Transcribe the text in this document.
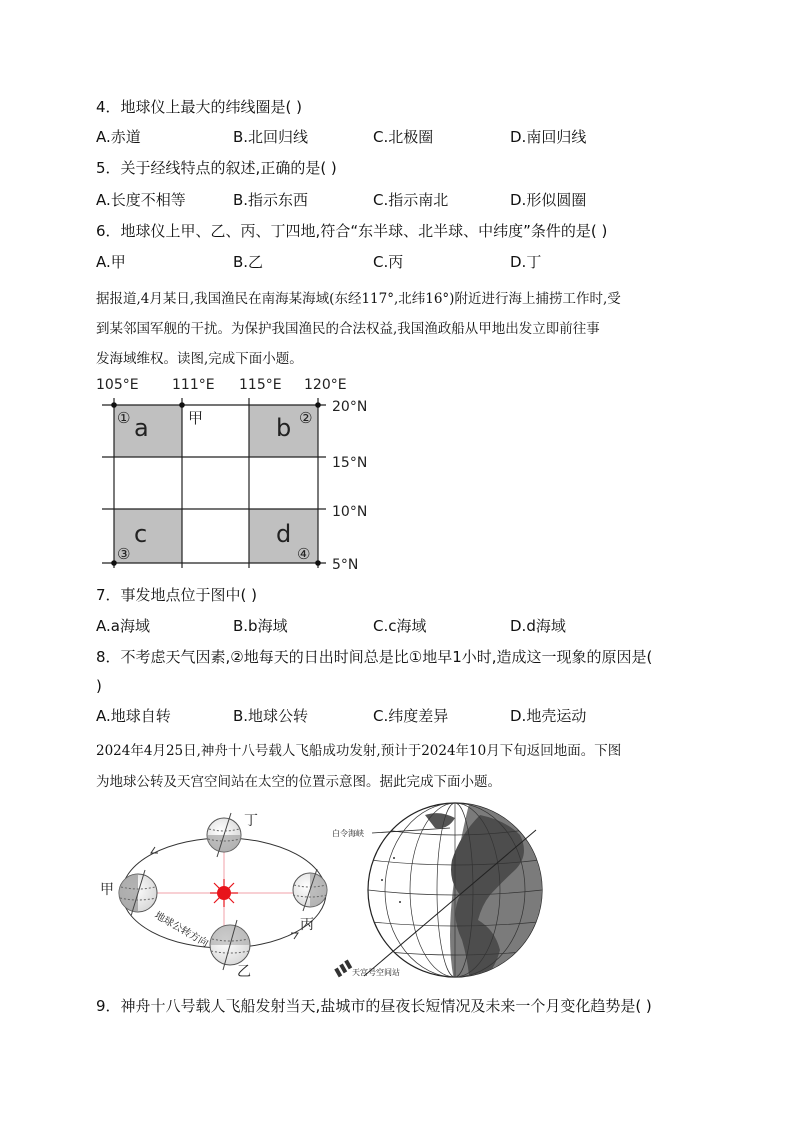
4．地球仪上最大的纬线圈是( )
A.赤道	B.北回归线	C.北极圈	D.南回归线
5．关于经线特点的叙述,正确的是( )
A.长度不相等	B.指示东西	C.指示南北	D.形似圆圈
6．地球仪上甲、乙、丙、丁四地,符合“东半球、北半球、中纬度”条件的是( )
A.甲	B.乙	C.丙	D.丁
据报道,4月某日,我国渔民在南海某海域(东经117°,北纬16°)附近进行海上捕捞工作时,受
到某邻国军舰的干扰。为保护我国渔民的合法权益,我国渔政船从甲地出发立即前往事
发海域维权。读图,完成下面小题。
105°E 111°E 115°E 120°E
20°N
15°N
10°N
5°N
a	b
c	d
①	②
③	④
甲
7．事发地点位于图中( )
A.a海域	B.b海域	C.c海域	D.d海域
8．不考虑天气因素,②地每天的日出时间总是比①地早1小时,造成这一现象的原因是(
)
A.地球自转	B.地球公转	C.纬度差异	D.地壳运动
2024年4月25日,神舟十八号载人飞船成功发射,预计于2024年10月下旬返回地面。下图
为地球公转及天宫空间站在太空的位置示意图。据此完成下面小题。
甲
乙
丙
丁
地球公转方向
白令海峡
天宫号空间站
9．神舟十八号载人飞船发射当天,盐城市的昼夜长短情况及未来一个月变化趋势是( )
